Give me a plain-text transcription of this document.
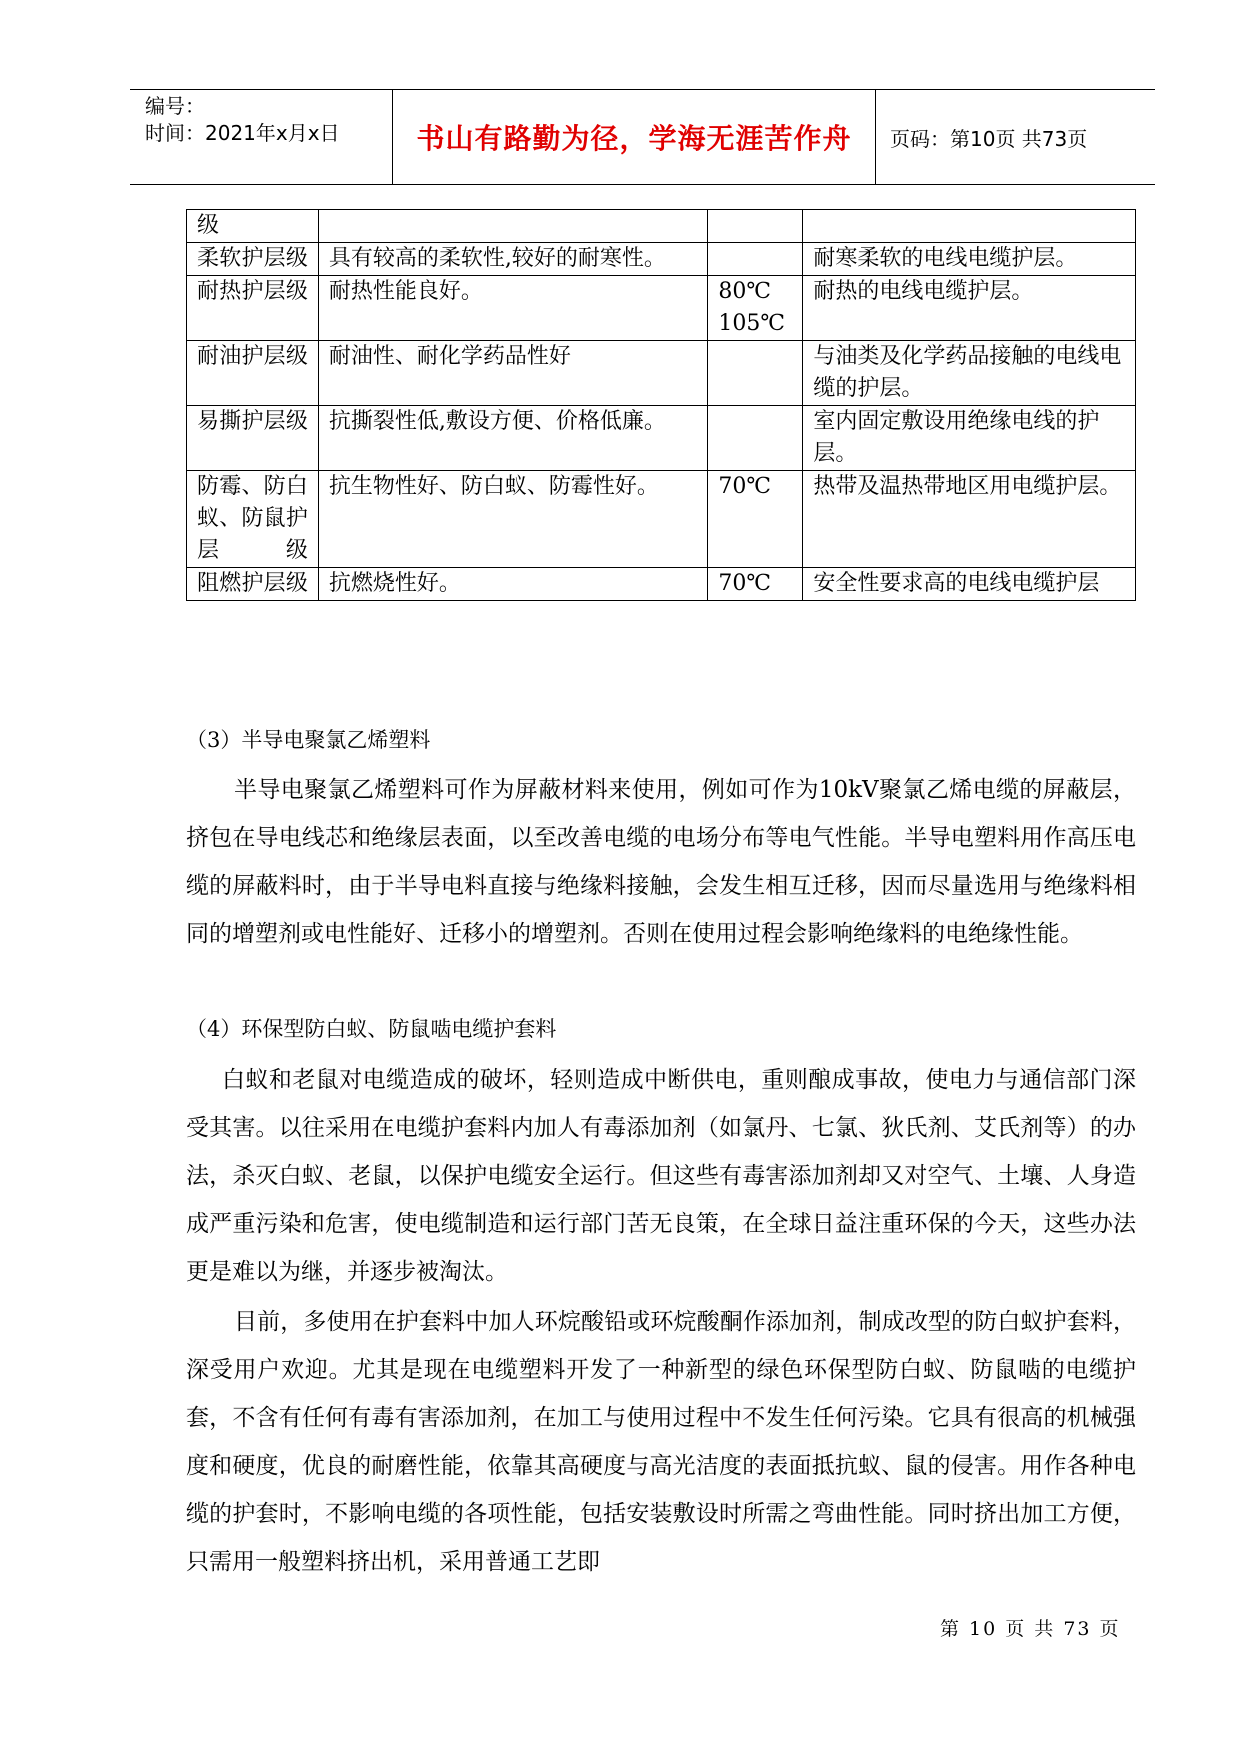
编号：
时间：2021年x月x日	书山有路勤为径，学海无涯苦作舟	页码：第10页 共73页
级			
柔软护层级	具有较高的柔软性,较好的耐寒性。		耐寒柔软的电线电缆护层。
耐热护层级	耐热性能良好。	80℃ 105℃	耐热的电线电缆护层。
耐油护层级	耐油性、耐化学药品性好		与油类及化学药品接触的电线电缆的护层。
易撕护层级	抗撕裂性低,敷设方便、价格低廉。		室内固定敷设用绝缘电线的护层。
防霉、防白蚁、防鼠护层级	抗生物性好、防白蚁、防霉性好。	70℃	热带及温热带地区用电缆护层。
阻燃护层级	抗燃烧性好。	70℃	安全性要求高的电线电缆护层
（3）半导电聚氯乙烯塑料
半导电聚氯乙烯塑料可作为屏蔽材料来使用，例如可作为10kV聚氯乙烯电缆的屏蔽层，挤包在导电线芯和绝缘层表面，以至改善电缆的电场分布等电气性能。半导电塑料用作高压电缆的屏蔽料时，由于半导电料直接与绝缘料接触，会发生相互迁移，因而尽量选用与绝缘料相同的增塑剂或电性能好、迁移小的增塑剂。否则在使用过程会影响绝缘料的电绝缘性能。
（4）环保型防白蚁、防鼠啮电缆护套料
白蚁和老鼠对电缆造成的破坏，轻则造成中断供电，重则酿成事故，使电力与通信部门深受其害。以往采用在电缆护套料内加人有毒添加剂（如氯丹、七氯、狄氏剂、艾氏剂等）的办法，杀灭白蚁、老鼠，以保护电缆安全运行。但这些有毒害添加剂却又对空气、土壤、人身造成严重污染和危害，使电缆制造和运行部门苦无良策，在全球日益注重环保的今天，这些办法更是难以为继，并逐步被淘汰。
目前，多使用在护套料中加人环烷酸铅或环烷酸酮作添加剂，制成改型的防白蚁护套料，深受用户欢迎。尤其是现在电缆塑料开发了一种新型的绿色环保型防白蚁、防鼠啮的电缆护套，不含有任何有毒有害添加剂，在加工与使用过程中不发生任何污染。它具有很高的机械强度和硬度，优良的耐磨性能，依靠其高硬度与高光洁度的表面抵抗蚁、鼠的侵害。用作各种电缆的护套时，不影响电缆的各项性能，包括安装敷设时所需之弯曲性能。同时挤出加工方便，只需用一般塑料挤出机，采用普通工艺即
第 10 页 共 73 页
